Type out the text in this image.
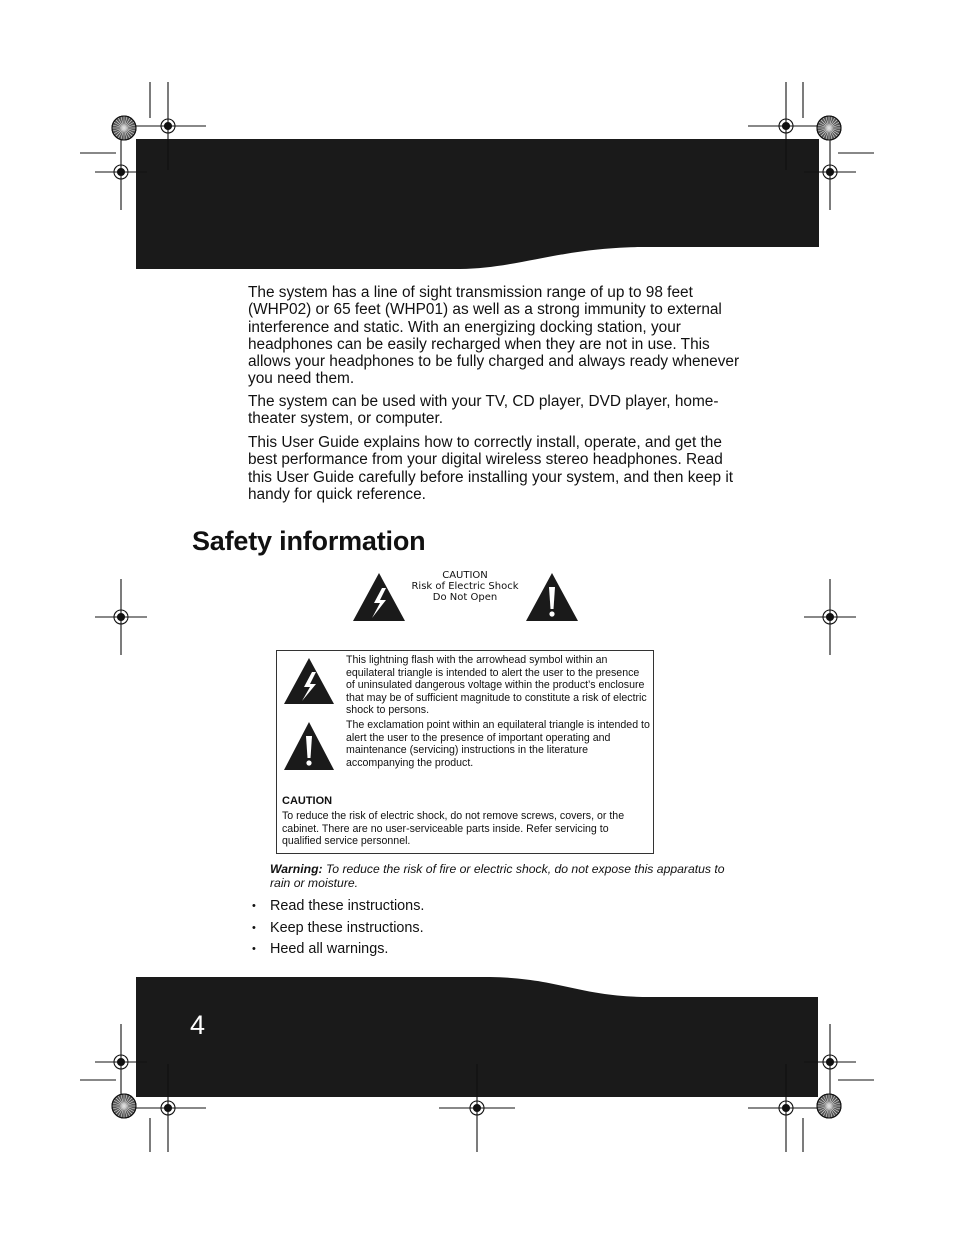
The system has a line of sight transmission range of up to 98 feet (WHP02) or 65 feet (WHP01) as well as a strong immunity to external interference and static. With an energizing docking station, your headphones can be easily recharged when they are not in use. This allows your headphones to be fully charged and always ready whenever you need them.

The system can be used with your TV, CD player, DVD player, home-theater system, or computer.

This User Guide explains how to correctly install, operate, and get the best performance from your digital wireless stereo headphones. Read this User Guide carefully before installing your system, and then keep it handy for quick reference.

Safety information
CAUTION
Risk of Electric Shock
Do Not Open

This lightning flash with the arrowhead symbol within an equilateral triangle is intended to alert the user to the presence of uninsulated dangerous voltage within the product’s enclosure that may be of sufficient magnitude to constitute a risk of electric shock to persons.

The exclamation point within an equilateral triangle is intended to alert the user to the presence of important operating and maintenance (servicing) instructions in the literature accompanying the product.

CAUTION

To reduce the risk of electric shock, do not remove screws, covers, or the cabinet. There are no user-serviceable parts inside. Refer servicing to qualified service personnel.

Warning: To reduce the risk of fire or electric shock, do not expose this apparatus to rain or moisture.

• Read these instructions.
• Keep these instructions.
• Heed all warnings.
4
